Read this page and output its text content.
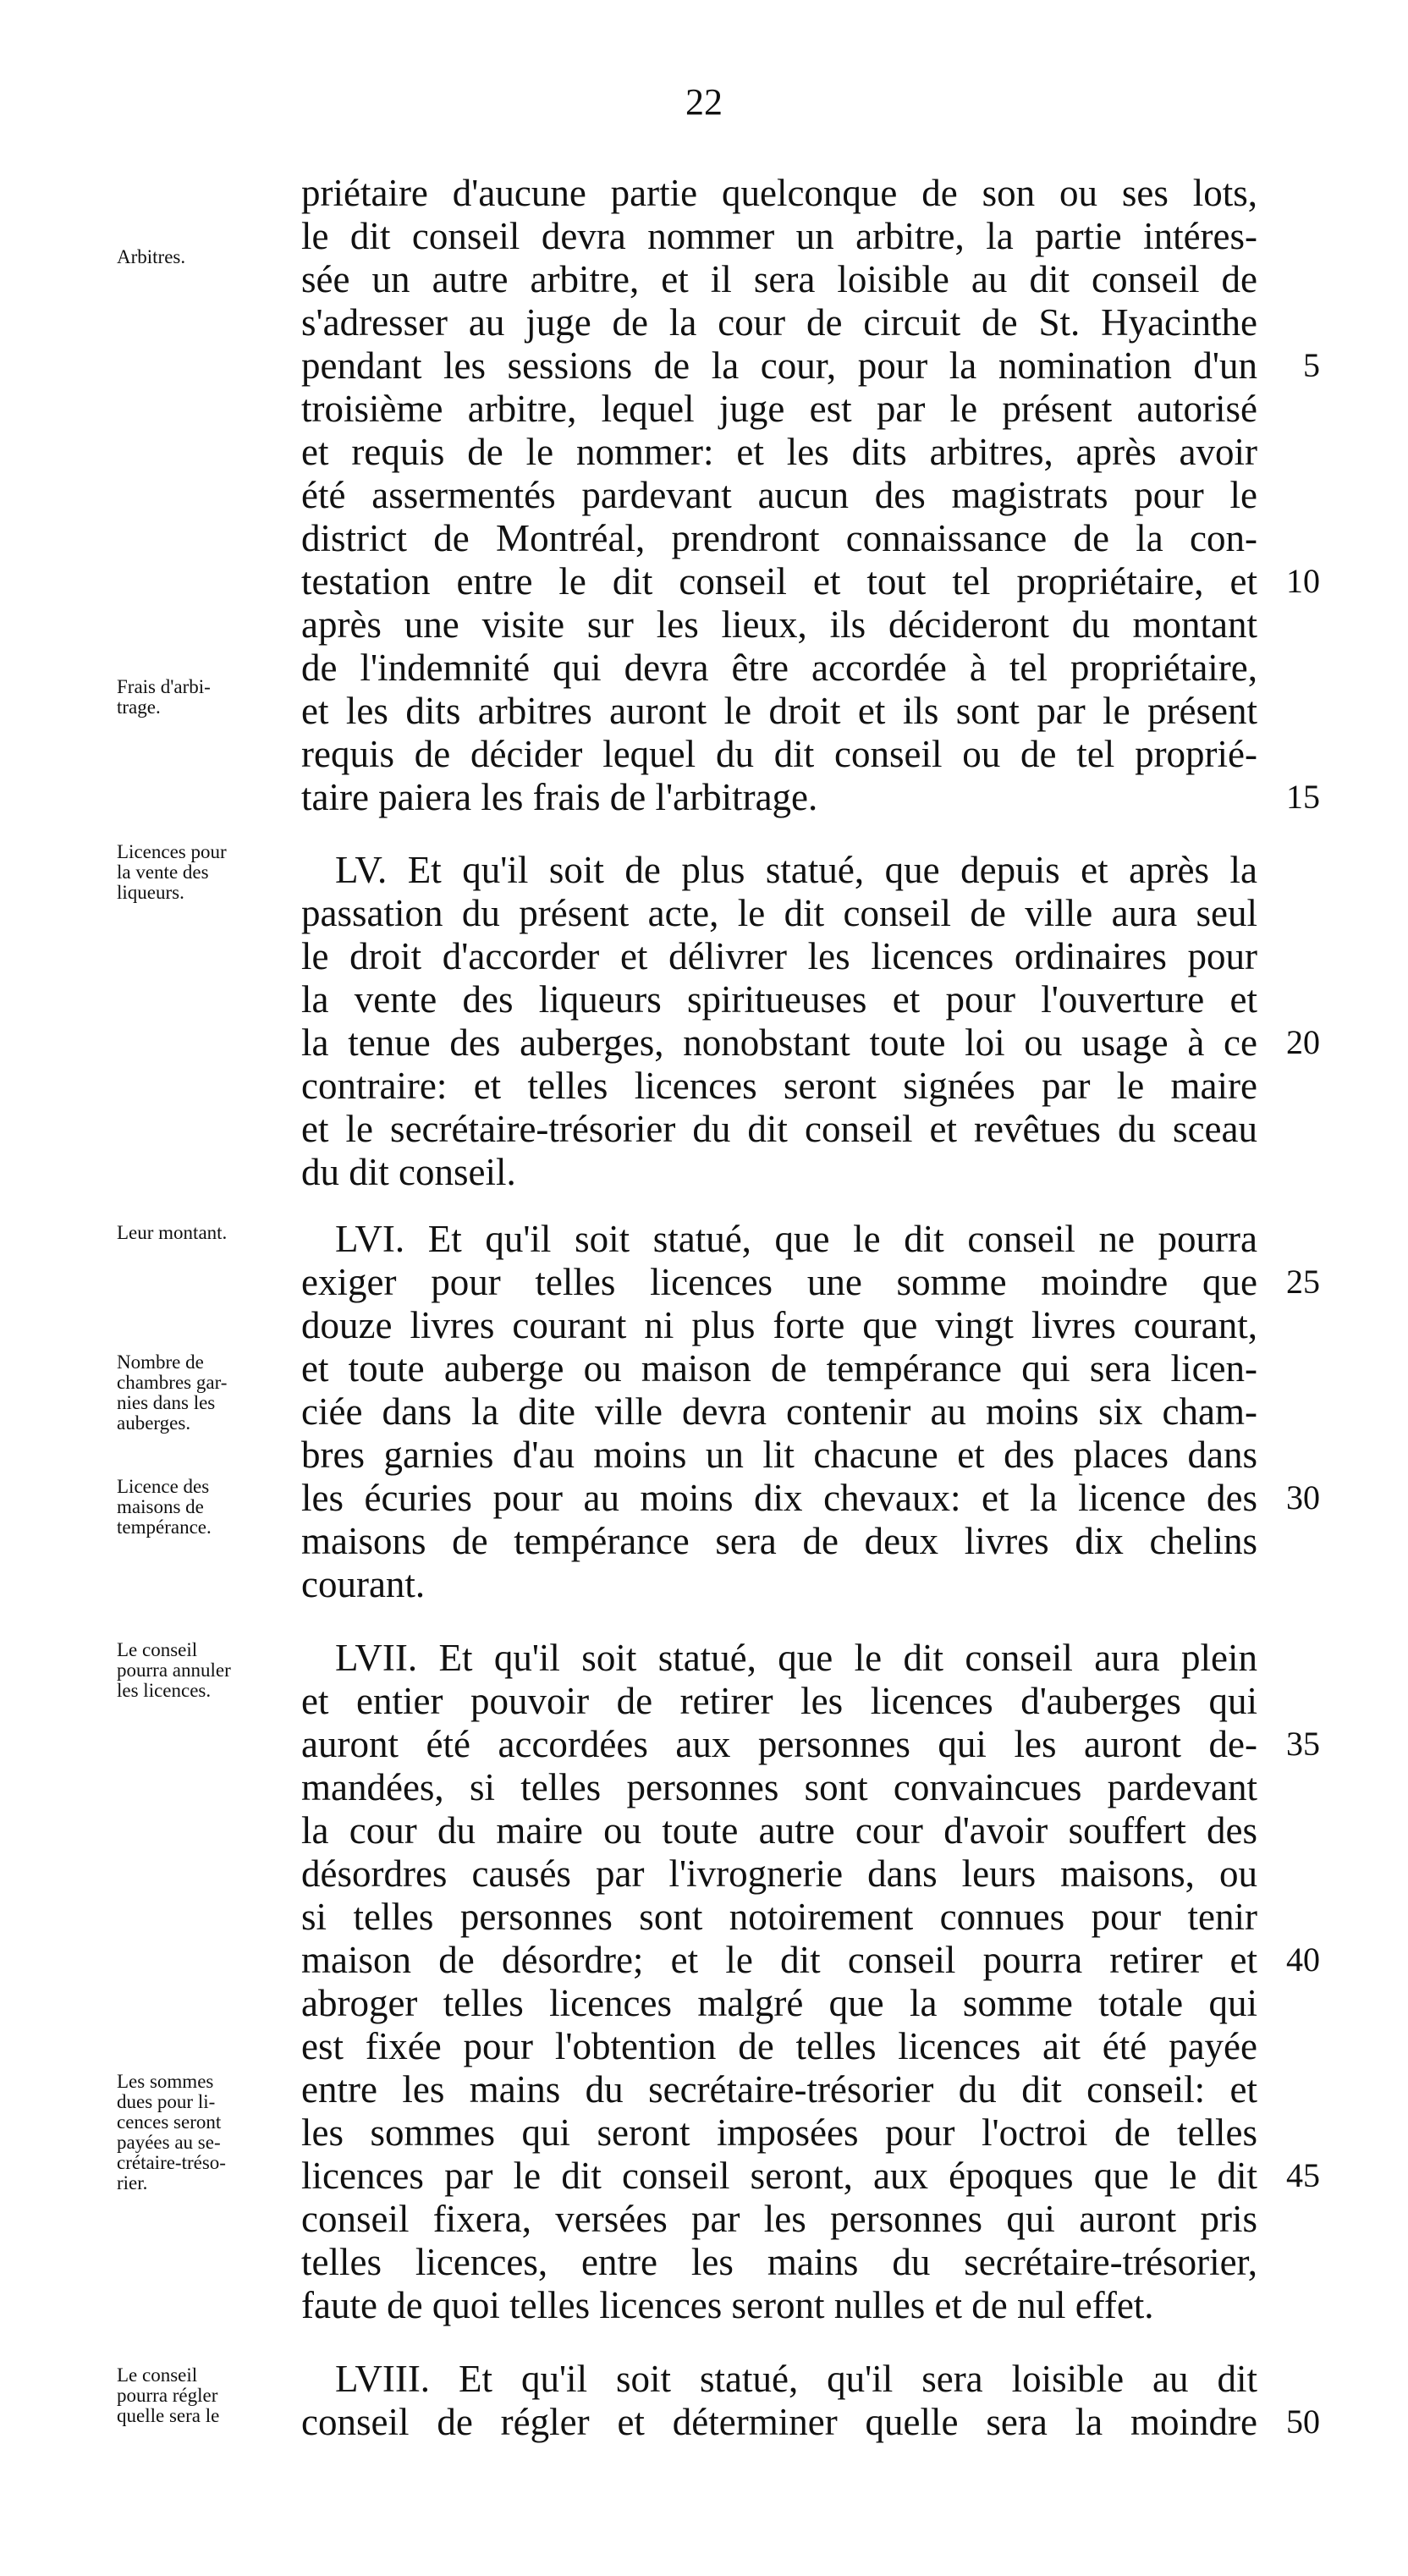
22
Arbitres.
Frais d'arbi-
trage.
Licences pour
la vente des
liqueurs.
Leur montant.
Nombre de
chambres gar-
nies dans les
auberges.
Licence des
maisons de
tempérance.
Le conseil
pourra annuler
les licences.
Les sommes
dues pour li-
cences seront
payées au se-
crétaire-tréso-
rier.
Le conseil
pourra régler
quelle sera le
priétaire d'aucune partie quelconque de son ou ses lots,
le dit conseil devra nommer un arbitre, la partie intéres-
sée un autre arbitre, et il sera loisible au dit conseil de
s'adresser au juge de la cour de circuit de St. Hyacinthe
pendant les sessions de la cour, pour la nomination d'un
troisième arbitre, lequel juge est par le présent autorisé
et requis de le nommer: et les dits arbitres, après avoir
été assermentés pardevant aucun des magistrats pour le
district de Montréal, prendront connaissance de la con-
testation entre le dit conseil et tout tel propriétaire, et
après une visite sur les lieux, ils décideront du montant
de l'indemnité qui devra être accordée à tel propriétaire,
et les dits arbitres auront le droit et ils sont par le présent
requis de décider lequel du dit conseil ou de tel proprié-
taire paiera les frais de l'arbitrage.
LV. Et qu'il soit de plus statué, que depuis et après la
passation du présent acte, le dit conseil de ville aura seul
le droit d'accorder et délivrer les licences ordinaires pour
la vente des liqueurs spiritueuses et pour l'ouverture et
la tenue des auberges, nonobstant toute loi ou usage à ce
contraire: et telles licences seront signées par le maire
et le secrétaire-trésorier du dit conseil et revêtues du sceau
du dit conseil.
LVI. Et qu'il soit statué, que le dit conseil ne pourra
exiger pour telles licences une somme moindre que
douze livres courant ni plus forte que vingt livres courant,
et toute auberge ou maison de tempérance qui sera licen-
ciée dans la dite ville devra contenir au moins six cham-
bres garnies d'au moins un lit chacune et des places dans
les écuries pour au moins dix chevaux: et la licence des
maisons de tempérance sera de deux livres dix chelins
courant.
LVII. Et qu'il soit statué, que le dit conseil aura plein
et entier pouvoir de retirer les licences d'auberges qui
auront été accordées aux personnes qui les auront de-
mandées, si telles personnes sont convaincues pardevant
la cour du maire ou toute autre cour d'avoir souffert des
désordres causés par l'ivrognerie dans leurs maisons, ou
si telles personnes sont notoirement connues pour tenir
maison de désordre; et le dit conseil pourra retirer et
abroger telles licences malgré que la somme totale qui
est fixée pour l'obtention de telles licences ait été payée
entre les mains du secrétaire-trésorier du dit conseil: et
les sommes qui seront imposées pour l'octroi de telles
licences par le dit conseil seront, aux époques que le dit
conseil fixera, versées par les personnes qui auront pris
telles licences, entre les mains du secrétaire-trésorier,
faute de quoi telles licences seront nulles et de nul effet.
LVIII. Et qu'il soit statué, qu'il sera loisible au dit
conseil de régler et déterminer quelle sera la moindre
5
10
15
20
25
30
35
40
45
50
